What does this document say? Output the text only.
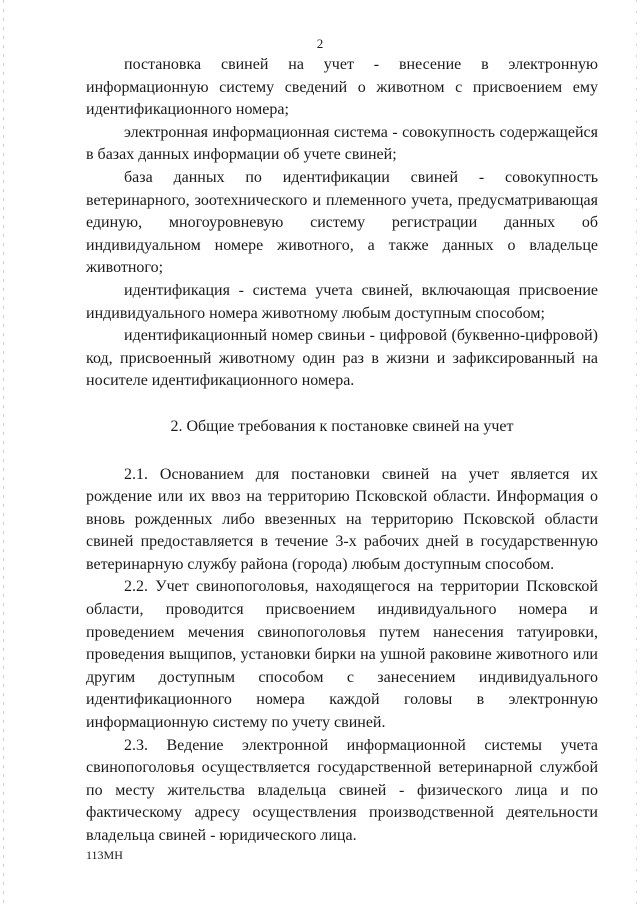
2

постановка свиней на учет - внесение в электронную информационную систему сведений о животном с присвоением ему идентификационного номера;

электронная информационная система - совокупность содержащейся в базах данных информации об учете свиней;

база данных по идентификации свиней - совокупность ветеринарного, зоотехнического и племенного учета, предусматривающая единую, многоуровневую систему регистрации данных об индивидуальном номере животного, а также данных о владельце животного;

идентификация - система учета свиней, включающая присвоение индивидуального номера животному любым доступным способом;

идентификационный номер свиньи - цифровой (буквенно-цифровой) код, присвоенный животному один раз в жизни и зафиксированный на носителе идентификационного номера.

2. Общие требования к постановке свиней на учет

2.1. Основанием для постановки свиней на учет является их рождение или их ввоз на территорию Псковской области. Информация о вновь рожденных либо ввезенных на территорию Псковской области свиней предоставляется в течение 3-х рабочих дней в государственную ветеринарную службу района (города) любым доступным способом.

2.2. Учет свинопоголовья, находящегося на территории Псковской области, проводится присвоением индивидуального номера и проведением мечения свинопоголовья путем нанесения татуировки, проведения выщипов, установки бирки на ушной раковине животного или другим доступным способом с занесением индивидуального идентификационного номера каждой головы в электронную информационную систему по учету свиней.

2.3. Ведение электронной информационной системы учета свинопоголовья осуществляется государственной ветеринарной службой по месту жительства владельца свиней - физического лица и по фактическому адресу осуществления производственной деятельности владельца свиней - юридического лица.

113МН
